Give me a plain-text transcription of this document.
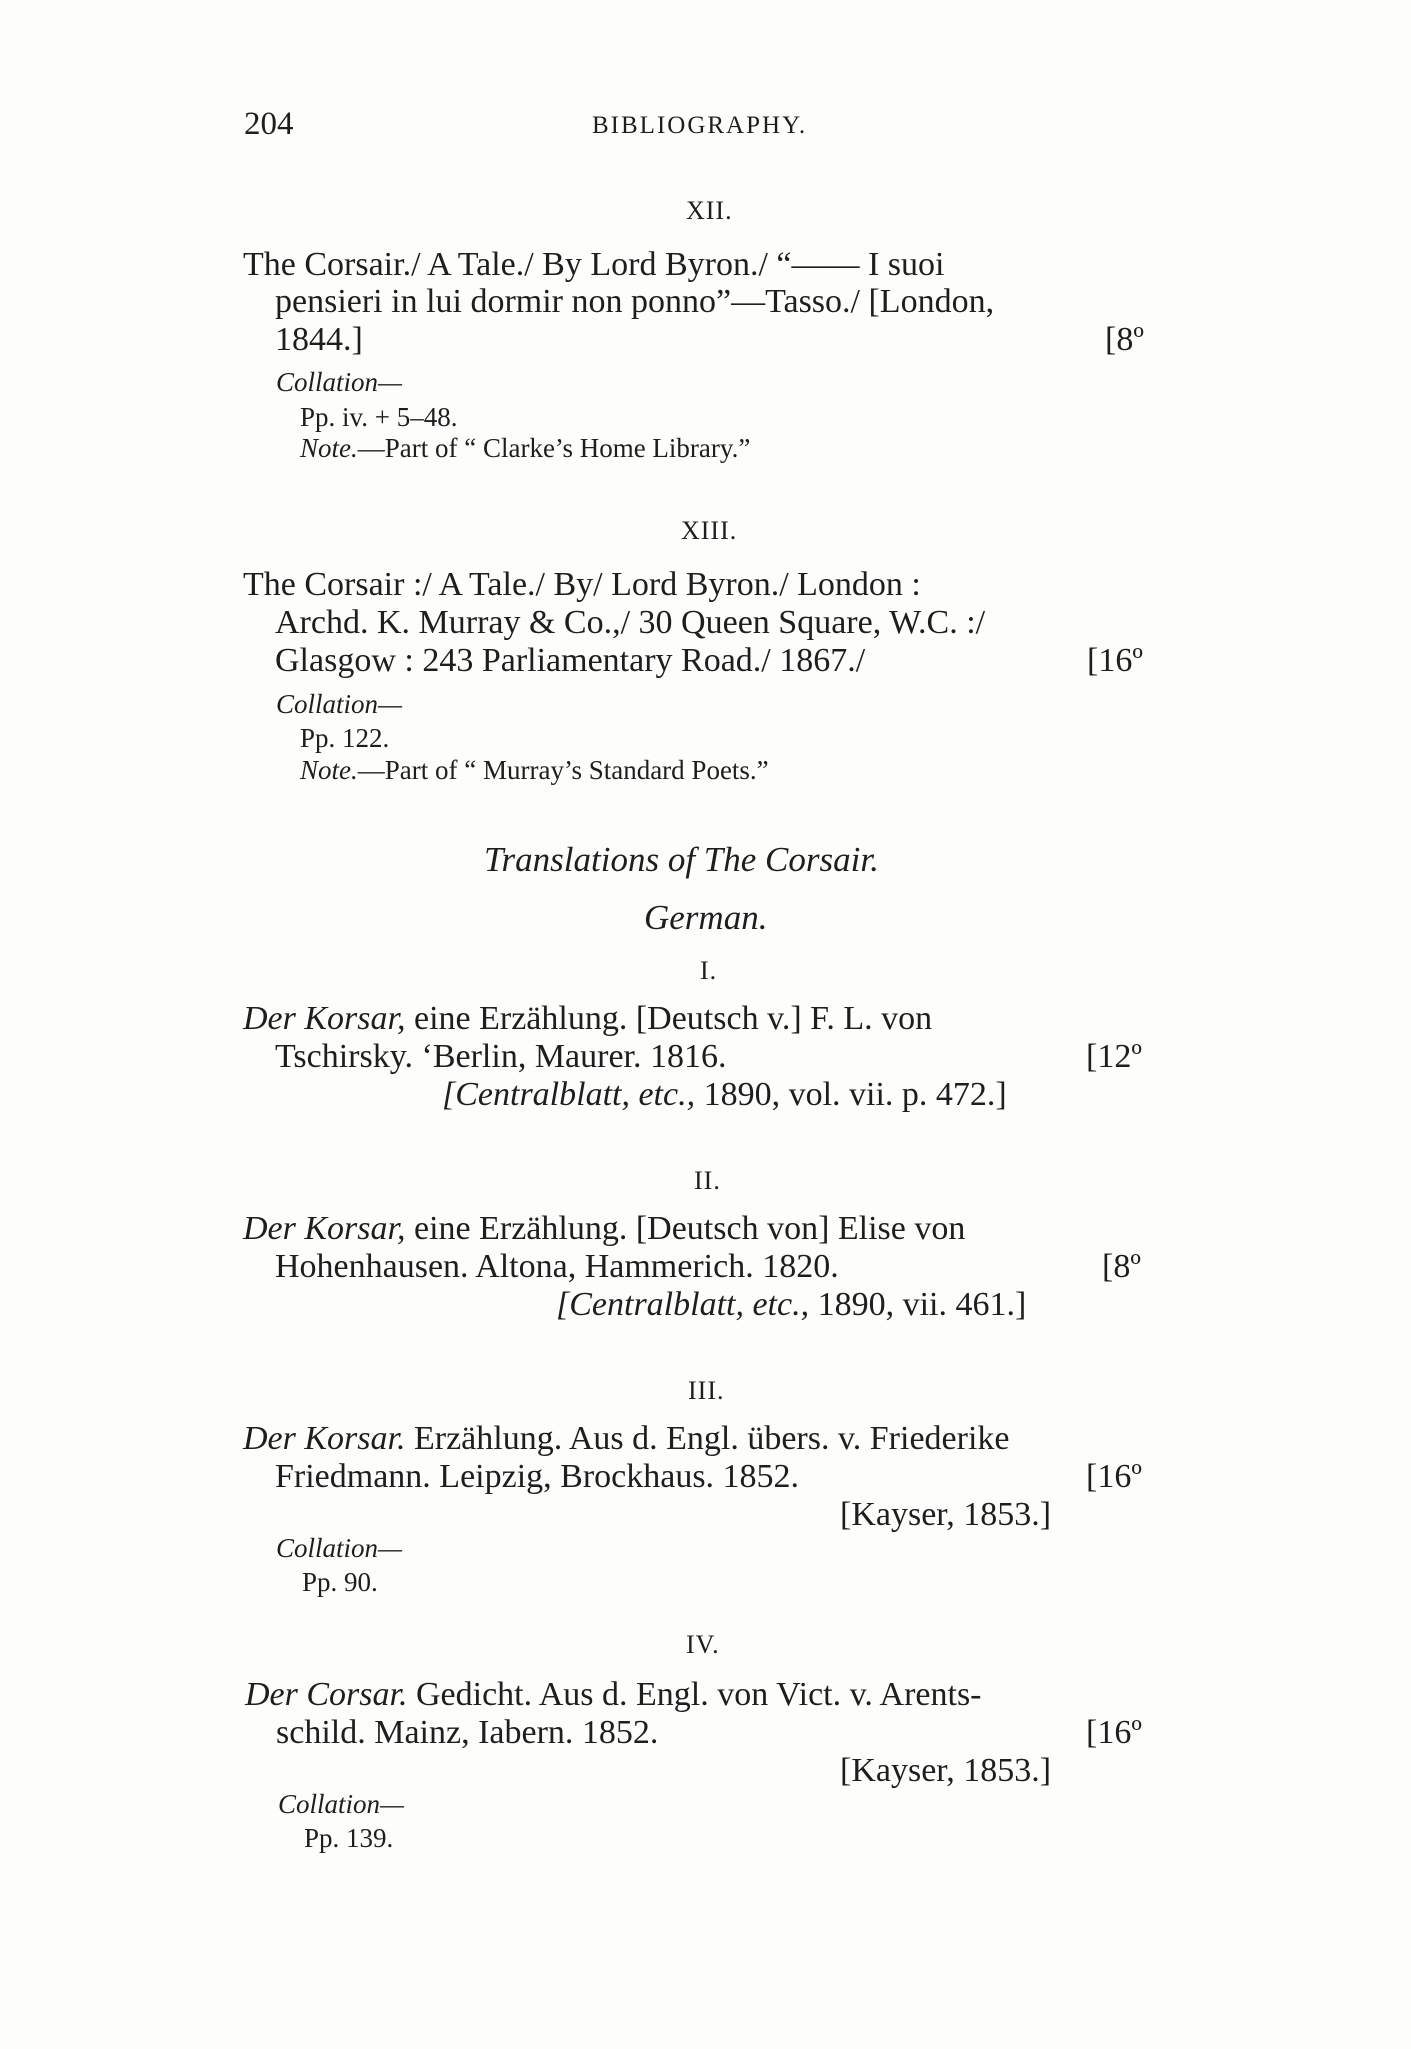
204	BIBLIOGRAPHY.
XII.
The Corsair./ A Tale./ By Lord Byron./ “—— I suoi
pensieri in lui dormir non ponno”—Tasso./ [London,
1844.]	[8º
Collation—
Pp. iv. + 5–48.
Note.—Part of “ Clarke’s Home Library.”
XIII.
The Corsair :/ A Tale./ By/ Lord Byron./ London :
Archd. K. Murray & Co.,/ 30 Queen Square, W.C. :/
Glasgow : 243 Parliamentary Road./ 1867./	[16º
Collation—
Pp. 122.
Note.—Part of “ Murray’s Standard Poets.”
Translations of The Corsair.
German.
I.
Der Korsar, eine Erzählung. [Deutsch v.] F. L. von
Tschirsky. ‘Berlin, Maurer. 1816.	[12º
[Centralblatt, etc., 1890, vol. vii. p. 472.]
II.
Der Korsar, eine Erzählung. [Deutsch von] Elise von
Hohenhausen. Altona, Hammerich. 1820.	[8º
[Centralblatt, etc., 1890, vii. 461.]
III.
Der Korsar. Erzählung. Aus d. Engl. übers. v. Friederike
Friedmann. Leipzig, Brockhaus. 1852.	[16º
[Kayser, 1853.]
Collation—
Pp. 90.
IV.
Der Corsar. Gedicht. Aus d. Engl. von Vict. v. Arents-
schild. Mainz, Iabern. 1852.	[16º
[Kayser, 1853.]
Collation—
Pp. 139.
